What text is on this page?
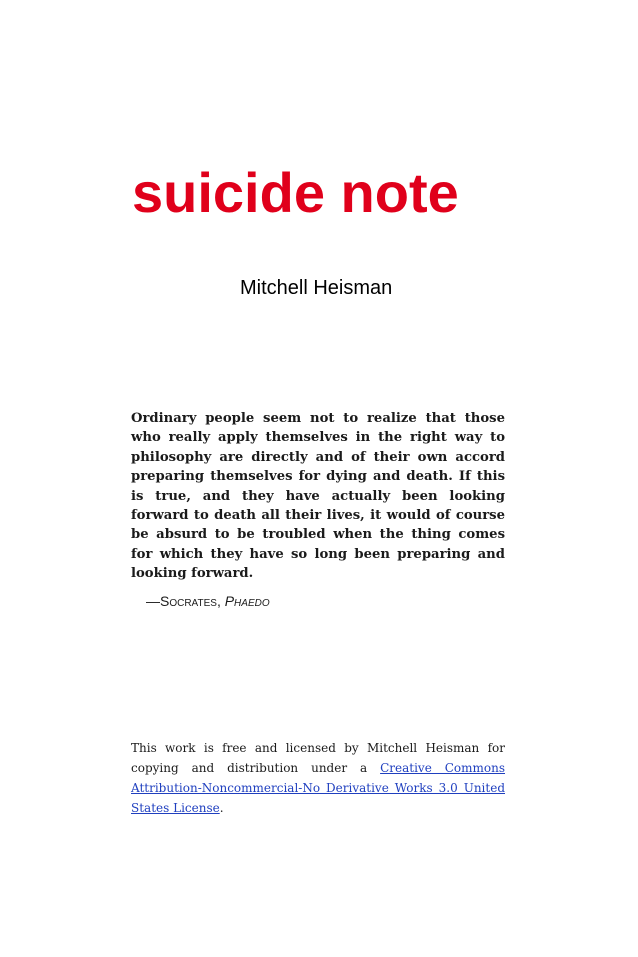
suicide note
Mitchell Heisman

Ordinary people seem not to realize that those who really apply themselves in the right way to philosophy are directly and of their own accord preparing themselves for dying and death. If this is true, and they have actually been looking forward to death all their lives, it would of course be absurd to be troubled when the thing comes for which they have so long been preparing and looking forward.

—Socrates, Phaedo

This work is free and licensed by Mitchell Heisman for copying and distribution under a Creative Commons Attribution-Noncommercial-No Derivative Works 3.0 United States License.
